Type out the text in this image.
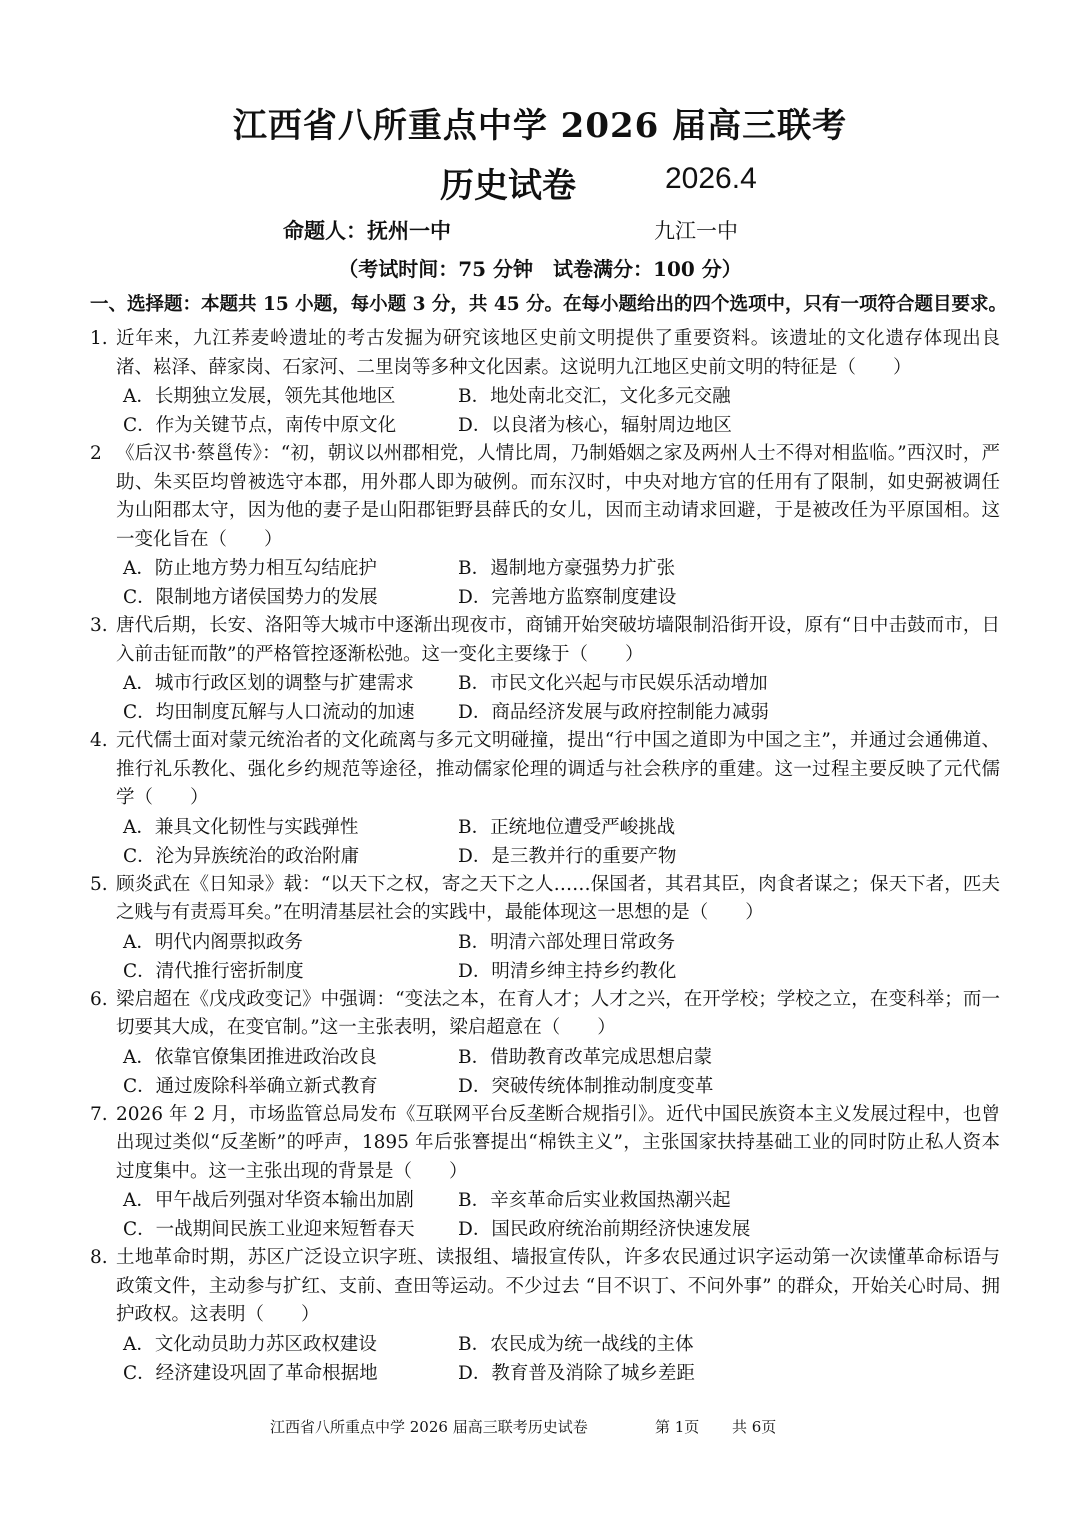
江西省八所重点中学 2026 届高三联考
历史试卷	2026.4
命题人：抚州一中	九江一中
（考试时间：75 分钟　试卷满分：100 分）
一、选择题：本题共 15 小题，每小题 3 分，共 45 分。在每小题给出的四个选项中，只有一项符合题目要求。
1. 近年来，九江荞麦岭遗址的考古发掘为研究该地区史前文明提供了重要资料。该遗址的文化遗存体现出良渚、崧泽、薛家岗、石家河、二里岗等多种文化因素。这说明九江地区史前文明的特征是（　　）
A．长期独立发展，领先其他地区	B．地处南北交汇，文化多元交融
C．作为关键节点，南传中原文化	D．以良渚为核心，辐射周边地区
2 《后汉书·蔡邕传》：“初，朝议以州郡相党，人情比周，乃制婚姻之家及两州人士不得对相监临。”西汉时，严助、朱买臣均曾被选守本郡，用外郡人即为破例。而东汉时，中央对地方官的任用有了限制，如史弼被调任为山阳郡太守，因为他的妻子是山阳郡钜野县薛氏的女儿，因而主动请求回避，于是被改任为平原国相。这一变化旨在（　　）
A．防止地方势力相互勾结庇护	B．遏制地方豪强势力扩张
C．限制地方诸侯国势力的发展	D．完善地方监察制度建设
3. 唐代后期，长安、洛阳等大城市中逐渐出现夜市，商铺开始突破坊墙限制沿街开设，原有“日中击鼓而市，日入前击钲而散”的严格管控逐渐松弛。这一变化主要缘于（　　）
A．城市行政区划的调整与扩建需求	B．市民文化兴起与市民娱乐活动增加
C．均田制度瓦解与人口流动的加速	D．商品经济发展与政府控制能力减弱
4. 元代儒士面对蒙元统治者的文化疏离与多元文明碰撞，提出“行中国之道即为中国之主”，并通过会通佛道、推行礼乐教化、强化乡约规范等途径，推动儒家伦理的调适与社会秩序的重建。这一过程主要反映了元代儒学（　　）
A．兼具文化韧性与实践弹性	B．正统地位遭受严峻挑战
C．沦为异族统治的政治附庸	D．是三教并行的重要产物
5. 顾炎武在《日知录》载：“以天下之权，寄之天下之人……保国者，其君其臣，肉食者谋之；保天下者，匹夫之贱与有责焉耳矣。”在明清基层社会的实践中，最能体现这一思想的是（　　）
A．明代内阁票拟政务	B．明清六部处理日常政务
C．清代推行密折制度	D．明清乡绅主持乡约教化
6. 梁启超在《戊戌政变记》中强调：“变法之本，在育人才；人才之兴，在开学校；学校之立，在变科举；而一切要其大成，在变官制。”这一主张表明，梁启超意在（　　）
A．依靠官僚集团推进政治改良	B．借助教育改革完成思想启蒙
C．通过废除科举确立新式教育	D．突破传统体制推动制度变革
7. 2026 年 2 月，市场监管总局发布《互联网平台反垄断合规指引》。近代中国民族资本主义发展过程中，也曾出现过类似“反垄断”的呼声，1895 年后张謇提出“棉铁主义”，主张国家扶持基础工业的同时防止私人资本过度集中。这一主张出现的背景是（　　）
A．甲午战后列强对华资本输出加剧	B．辛亥革命后实业救国热潮兴起
C．一战期间民族工业迎来短暂春天	D．国民政府统治前期经济快速发展
8. 土地革命时期，苏区广泛设立识字班、读报组、墙报宣传队，许多农民通过识字运动第一次读懂革命标语与政策文件，主动参与扩红、支前、查田等运动。不少过去 “目不识丁、不问外事” 的群众，开始关心时局、拥护政权。这表明（　　）
A．文化动员助力苏区政权建设	B．农民成为统一战线的主体
C．经济建设巩固了革命根据地	D．教育普及消除了城乡差距
江西省八所重点中学 2026 届高三联考历史试卷	第 1页 共 6页
